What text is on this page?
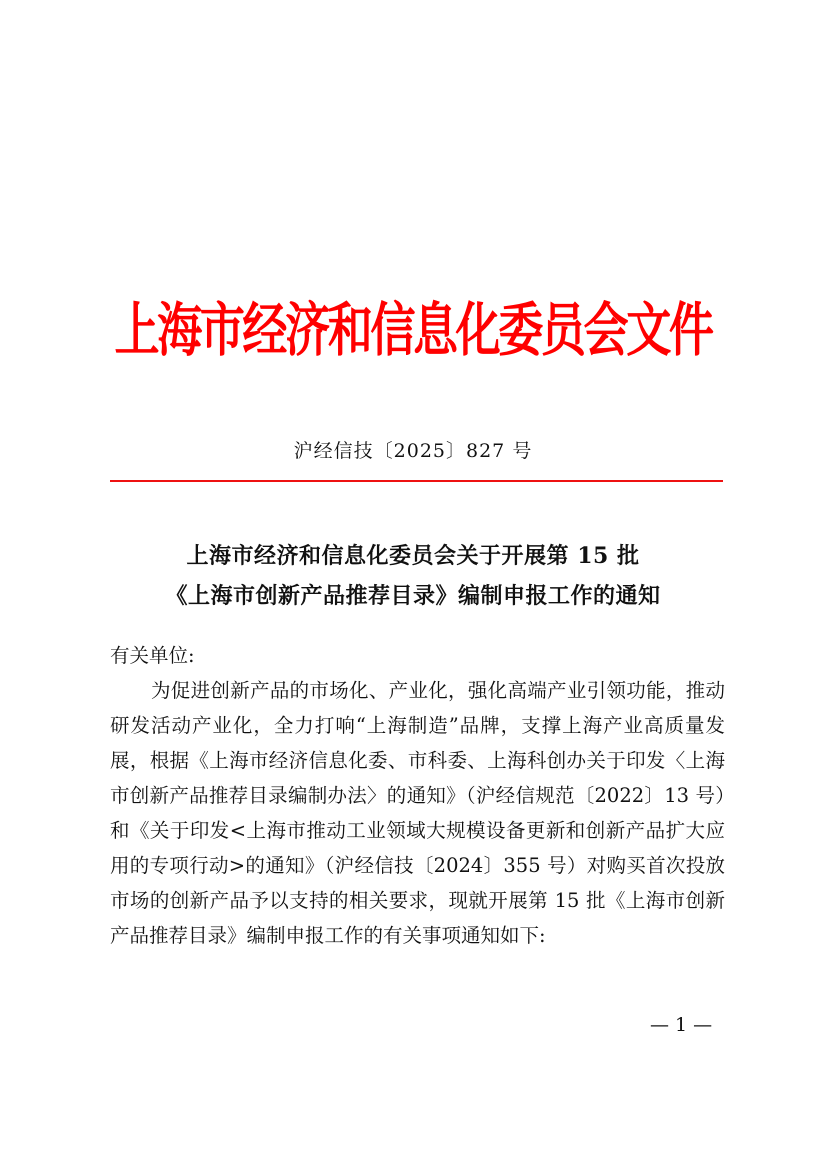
上海市经济和信息化委员会文件
沪经信技〔2025〕827 号
上海市经济和信息化委员会关于开展第 15 批
《上海市创新产品推荐目录》编制申报工作的通知

有关单位:

为促进创新产品的市场化、产业化，强化高端产业引领功能，推动研发活动产业化，全力打响“上海制造”品牌，支撑上海产业高质量发展，根据《上海市经济信息化委、市科委、上海科创办关于印发〈上海市创新产品推荐目录编制办法〉的通知》（沪经信规范〔2022〕13 号）和《关于印发<上海市推动工业领域大规模设备更新和创新产品扩大应用的专项行动>的通知》（沪经信技〔2024〕355 号）对购买首次投放市场的创新产品予以支持的相关要求，现就开展第 15 批《上海市创新产品推荐目录》编制申报工作的有关事项通知如下:

— 1 —
